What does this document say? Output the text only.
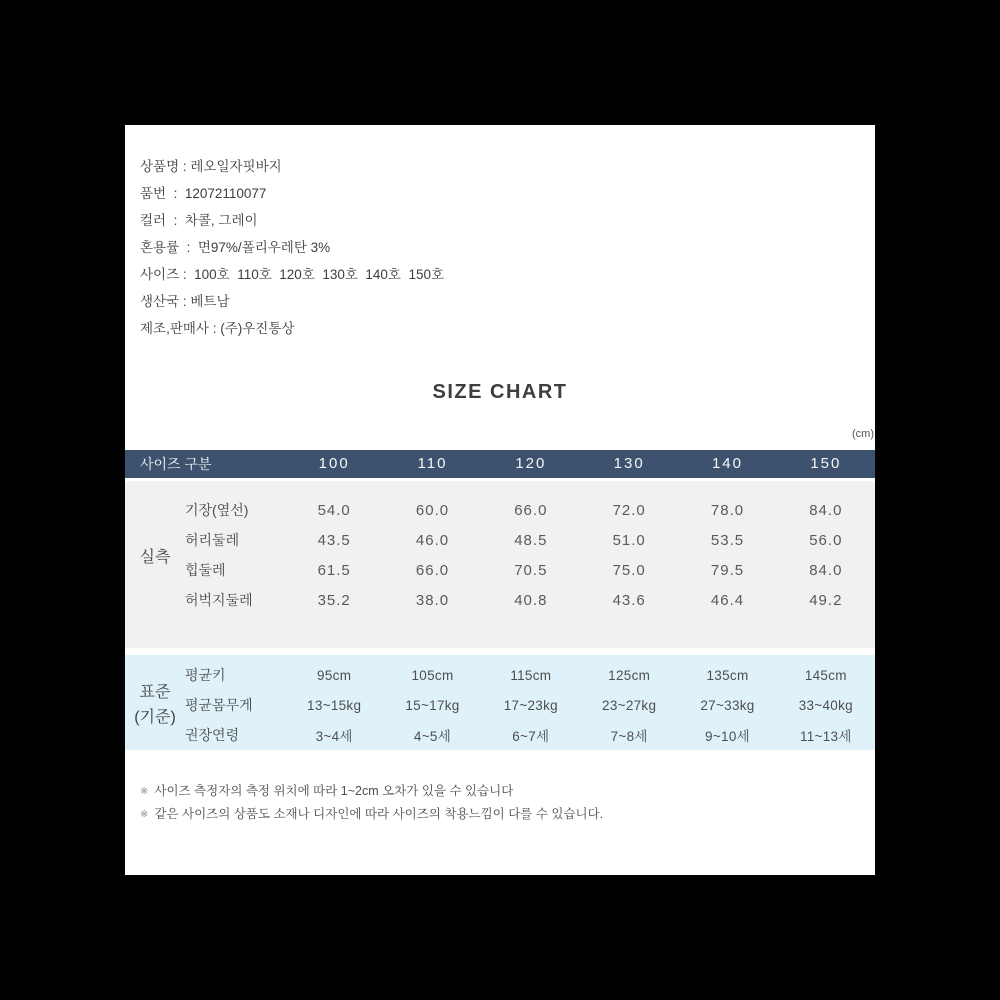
상품명 : 레오일자핏바지
품번  :  12072110077
컬러  :  차콜, 그레이
혼용률  :  면97%/폴리우레탄 3%
사이즈 :  100호  110호  120호  130호  140호  150호
생산국 : 베트남
제조,판매사 : (주)우진통상
SIZE CHART
(cm)
사이즈 구분	100	110	120	130	140	150
실측
기장(옆선)	54.0	60.0	66.0	72.0	78.0	84.0
허리둘레	43.5	46.0	48.5	51.0	53.5	56.0
힙둘레	61.5	66.0	70.5	75.0	79.5	84.0
허벅지둘레	35.2	38.0	40.8	43.6	46.4	49.2
표준
(기준)
평균키	95cm	105cm	115cm	125cm	135cm	145cm
평균몸무게	13~15kg	15~17kg	17~23kg	23~27kg	27~33kg	33~40kg
권장연령	3~4세	4~5세	6~7세	7~8세	9~10세	11~13세
※ 사이즈 측정자의 측정 위치에 따라 1~2cm 오차가 있을 수 있습니다
※ 같은 사이즈의 상품도 소재나 디자인에 따라 사이즈의 착용느낌이 다를 수 있습니다.
